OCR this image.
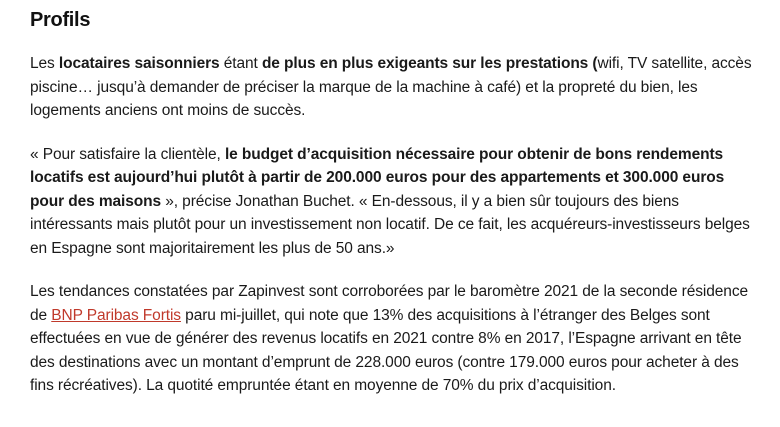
Profils

Les locataires saisonniers étant de plus en plus exigeants sur les prestations (wifi, TV satellite, accès piscine… jusqu’à demander de préciser la marque de la machine à café) et la propreté du bien, les logements anciens ont moins de succès.

« Pour satisfaire la clientèle, le budget d’acquisition nécessaire pour obtenir de bons rendements locatifs est aujourd’hui plutôt à partir de 200.000 euros pour des appartements et 300.000 euros pour des maisons », précise Jonathan Buchet. « En-dessous, il y a bien sûr toujours des biens intéressants mais plutôt pour un investissement non locatif. De ce fait, les acquéreurs-investisseurs belges en Espagne sont majoritairement les plus de 50 ans.»

Les tendances constatées par Zapinvest sont corroborées par le baromètre 2021 de la seconde résidence de BNP Paribas Fortis paru mi-juillet, qui note que 13% des acquisitions à l’étranger des Belges sont effectuées en vue de générer des revenus locatifs en 2021 contre 8% en 2017, l’Espagne arrivant en tête des destinations avec un montant d’emprunt de 228.000 euros (contre 179.000 euros pour acheter à des fins récréatives). La quotité empruntée étant en moyenne de 70% du prix d’acquisition.
